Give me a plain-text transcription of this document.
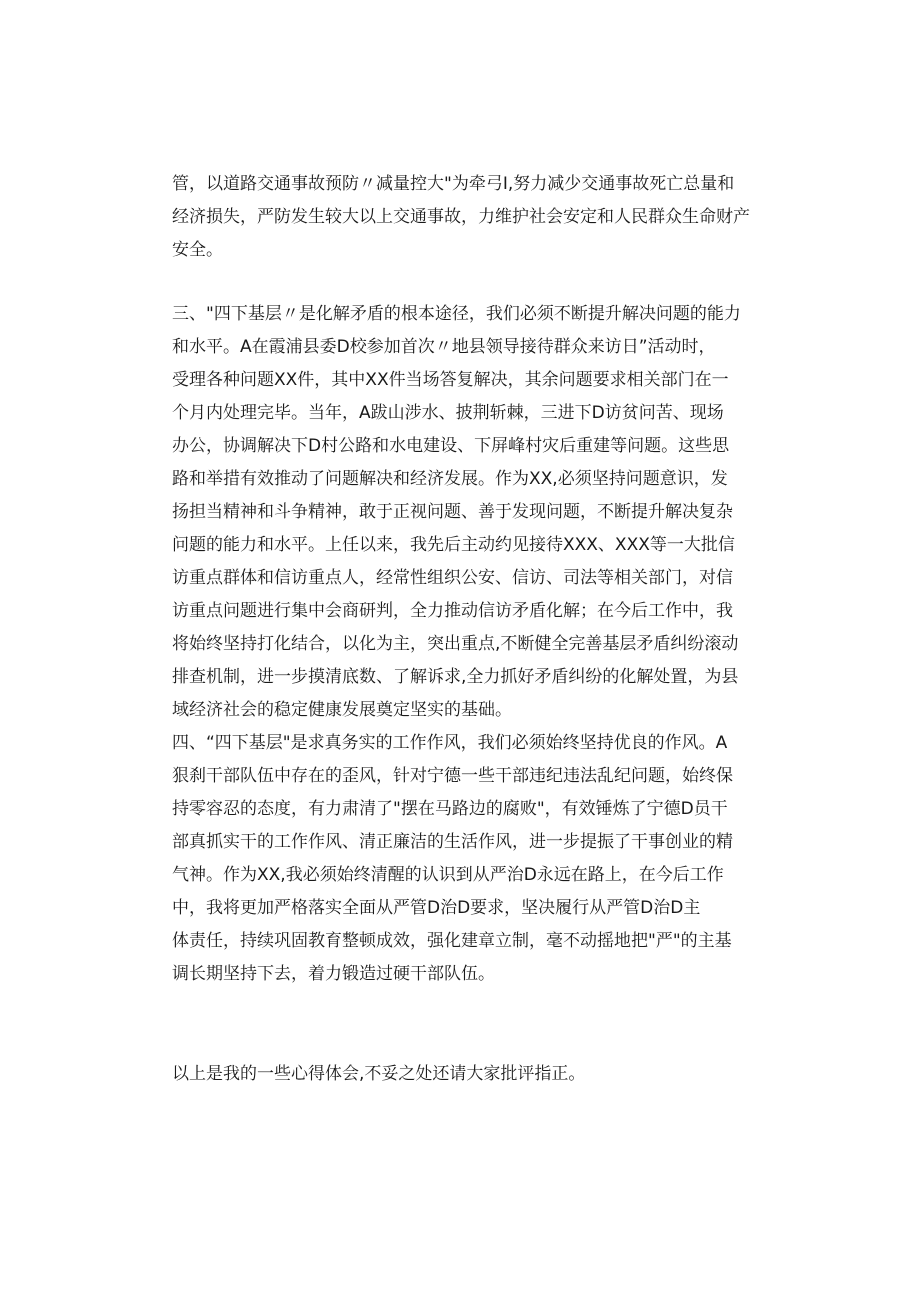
管，以道路交通事故预防〃减量控大"为牵弓I,努力减少交通事故死亡总量和
经济损失，严防发生较大以上交通事故，力维护社会安定和人民群众生命财产
安全。
三、"四下基层〃是化解矛盾的根本途径，我们必须不断提升解决问题的能力
和水平。A在霞浦县委D校参加首次〃地县领导接待群众来访日”活动时，
受理各种问题XX件，其中XX件当场答复解决，其余问题要求相关部门在一
个月内处理完毕。当年，A跋山涉水、披荆斩棘，三进下D访贫问苦、现场
办公，协调解决下D村公路和水电建设、下屏峰村灾后重建等问题。这些思
路和举措有效推动了问题解决和经济发展。作为XX,必须坚持问题意识，发
扬担当精神和斗争精神，敢于正视问题、善于发现问题，不断提升解决复杂
问题的能力和水平。上任以来，我先后主动约见接待XXX、XXX等一大批信
访重点群体和信访重点人，经常性组织公安、信访、司法等相关部门，对信
访重点问题进行集中会商研判，全力推动信访矛盾化解；在今后工作中，我
将始终坚持打化结合，以化为主，突出重点,不断健全完善基层矛盾纠纷滚动
排查机制，进一步摸清底数、了解诉求,全力抓好矛盾纠纷的化解处置，为县
域经济社会的稳定健康发展奠定坚实的基础。
四、“四下基层"是求真务实的工作作风，我们必须始终坚持优良的作风。A
狠刹干部队伍中存在的歪风，针对宁德一些干部违纪违法乱纪问题，始终保
持零容忍的态度，有力肃清了"摆在马路边的腐败"，有效锤炼了宁德D员干
部真抓实干的工作作风、清正廉洁的生活作风，进一步提振了干事创业的精
气神。作为XX,我必须始终清醒的认识到从严治D永远在路上，在今后工作
中，我将更加严格落实全面从严管D治D要求，坚决履行从严管D治D主
体责任，持续巩固教育整顿成效，强化建章立制，毫不动摇地把"严"的主基
调长期坚持下去，着力锻造过硬干部队伍。
以上是我的一些心得体会,不妥之处还请大家批评指正。
